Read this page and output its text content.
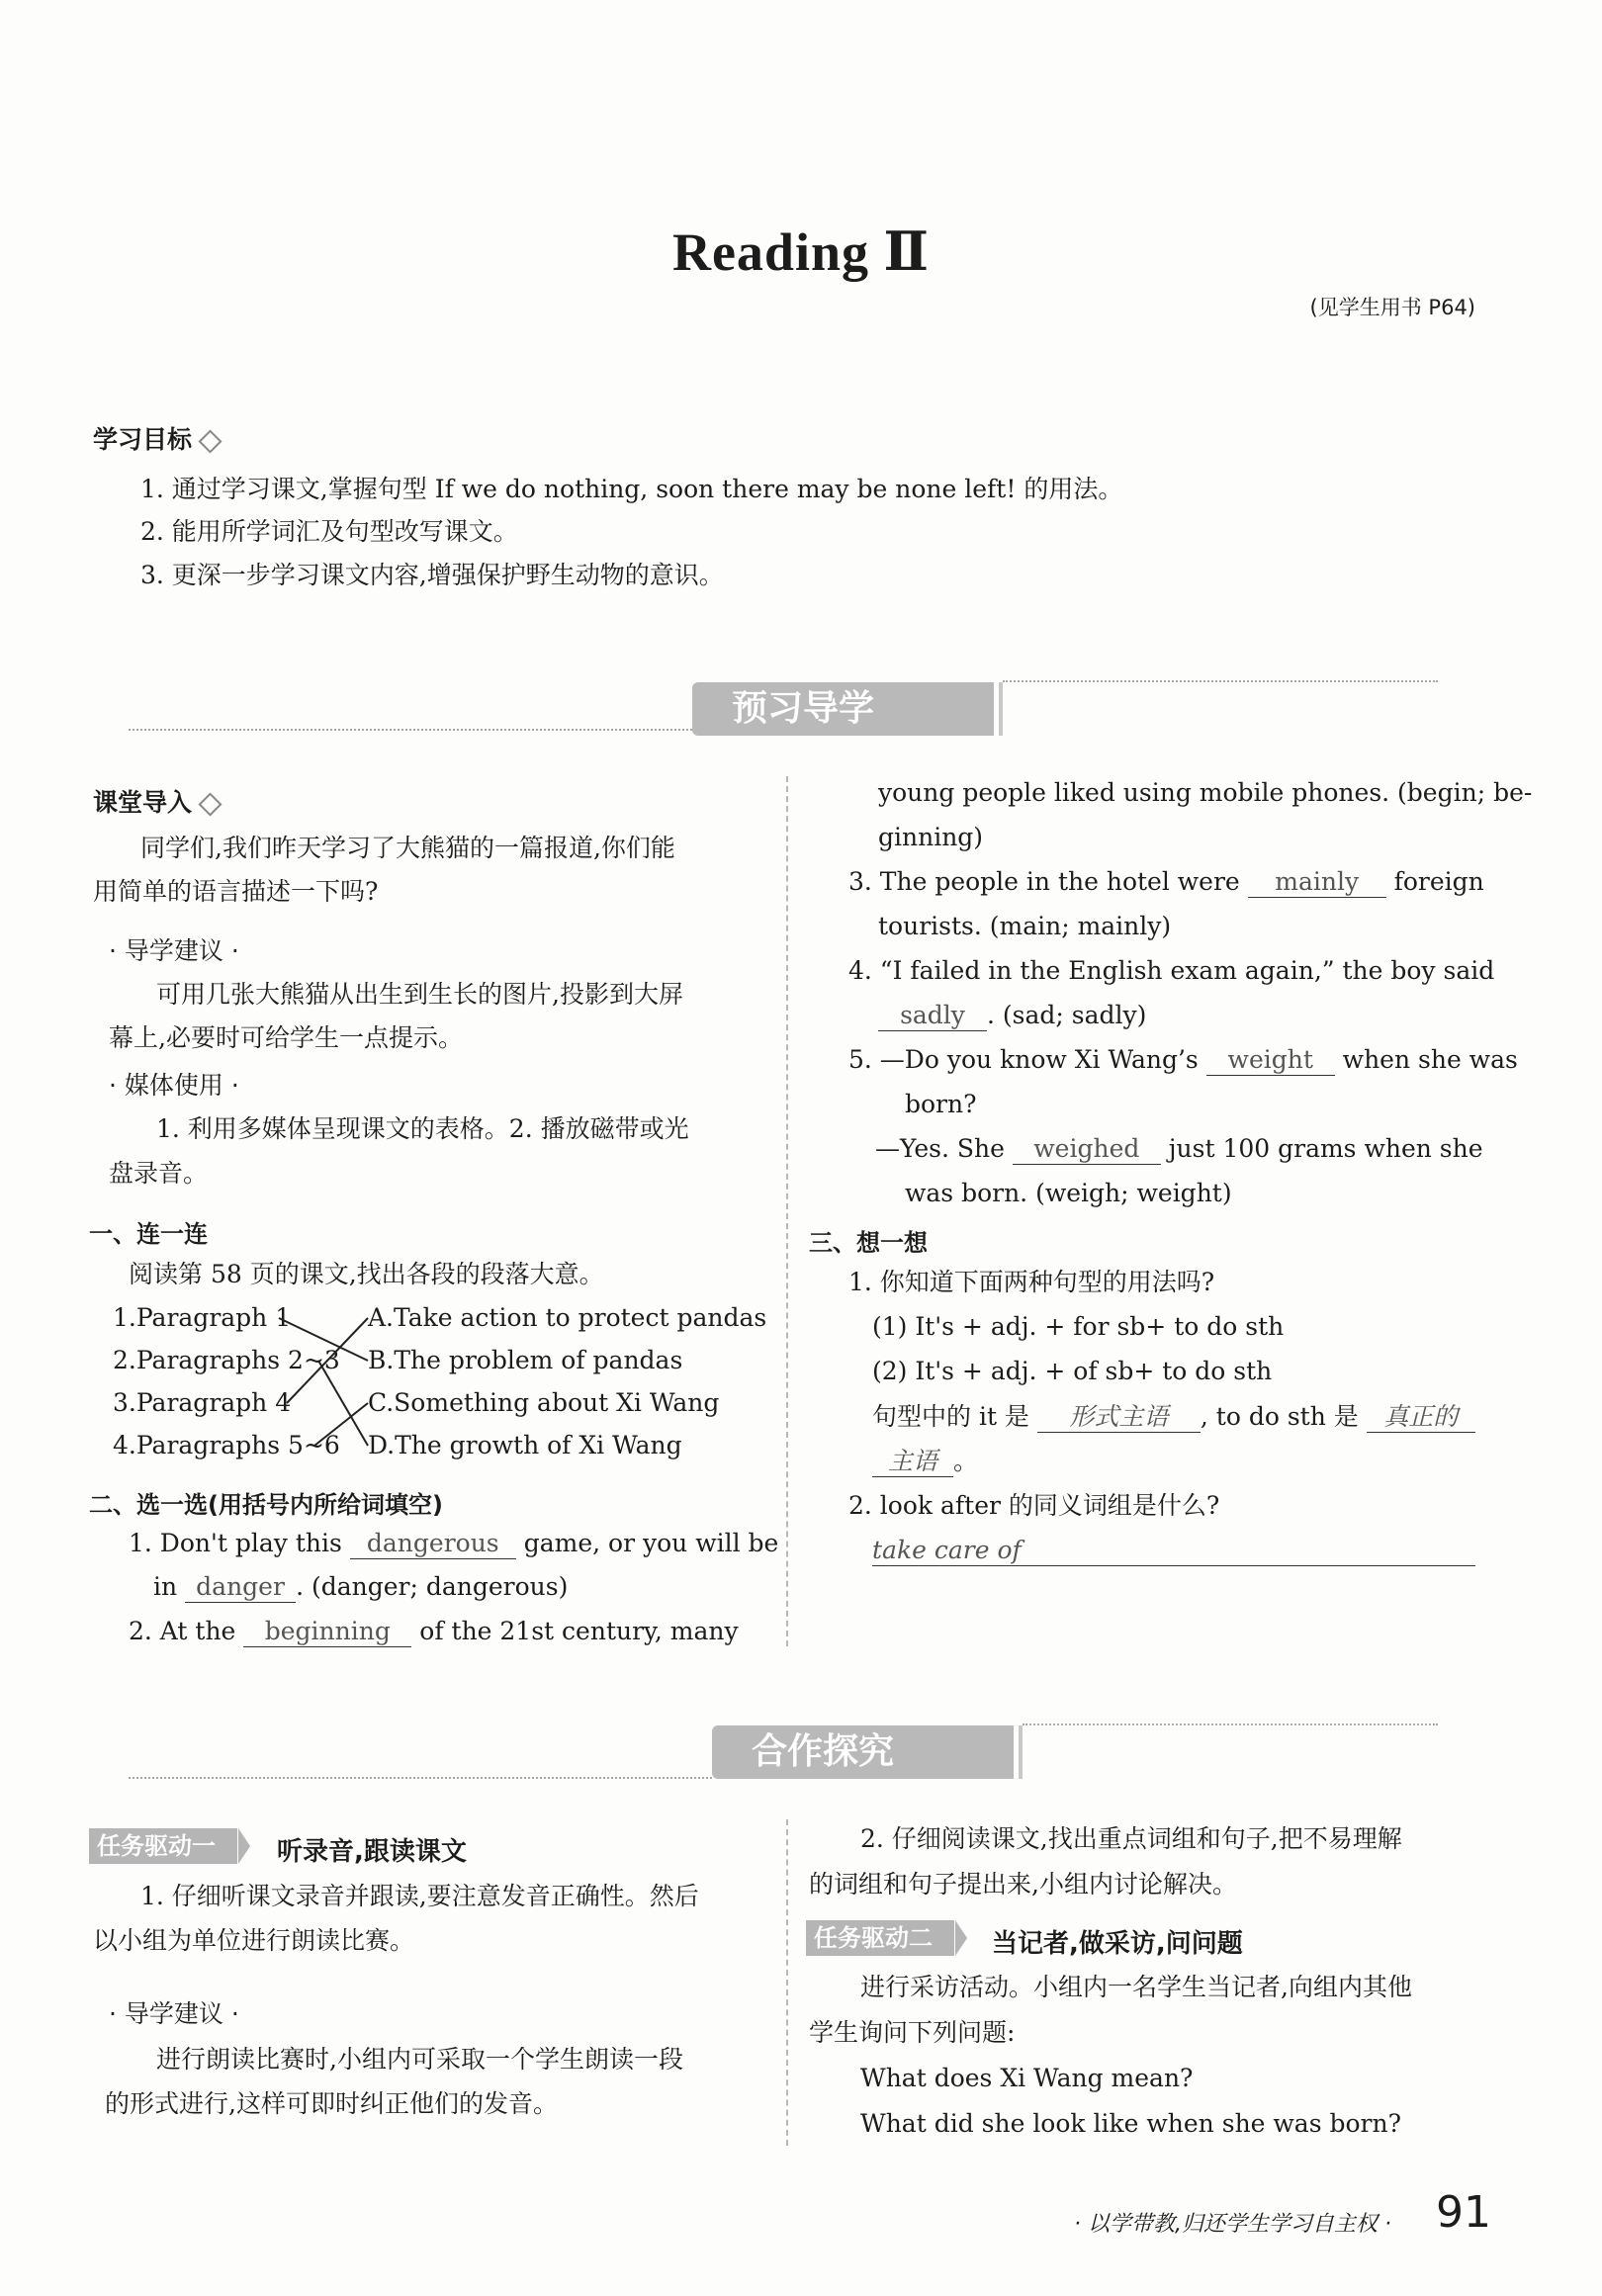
Reading Ⅱ
(见学生用书 P64)
学习目标
1. 通过学习课文,掌握句型 If we do nothing, soon there may be none left! 的用法。
2. 能用所学词汇及句型改写课文。
3. 更深一步学习课文内容,增强保护野生动物的意识。
预习导学
课堂导入
同学们,我们昨天学习了大熊猫的一篇报道,你们能
用简单的语言描述一下吗?
· 导学建议 ·
可用几张大熊猫从出生到生长的图片,投影到大屏
幕上,必要时可给学生一点提示。
· 媒体使用 ·
1. 利用多媒体呈现课文的表格。2. 播放磁带或光
盘录音。
一、连一连
阅读第 58 页的课文,找出各段的段落大意。
1.Paragraph 1
2.Paragraphs 2~3
3.Paragraph 4
4.Paragraphs 5~6
A.Take action to protect pandas
B.The problem of pandas
C.Something about Xi Wang
D.The growth of Xi Wang
二、选一选(用括号内所给词填空)
1. Don't play this dangerous game, or you will be
in danger . (danger; dangerous)
2. At the beginning of the 21st century, many
young people liked using mobile phones. (begin; be-
ginning)
3. The people in the hotel were mainly foreign
tourists. (main; mainly)
4. “I failed in the English exam again,” the boy said
sadly . (sad; sadly)
5. —Do you know Xi Wang’s weight when she was
born?
—Yes. She weighed just 100 grams when she
was born. (weigh; weight)
三、想一想
1. 你知道下面两种句型的用法吗?
(1) It's + adj. + for sb+ to do sth
(2) It's + adj. + of sb+ to do sth
句型中的 it 是 形式主语 , to do sth 是 真正的
主语 。
2. look after 的同义词组是什么?
take care of
合作探究
任务驱动一	听录音,跟读课文
1. 仔细听课文录音并跟读,要注意发音正确性。然后
以小组为单位进行朗读比赛。
· 导学建议 ·
进行朗读比赛时,小组内可采取一个学生朗读一段
的形式进行,这样可即时纠正他们的发音。
2. 仔细阅读课文,找出重点词组和句子,把不易理解
的词组和句子提出来,小组内讨论解决。
任务驱动二	当记者,做采访,问问题
进行采访活动。小组内一名学生当记者,向组内其他
学生询问下列问题:
What does Xi Wang mean?
What did she look like when she was born?
· 以学带教,归还学生学习自主权 · 91
